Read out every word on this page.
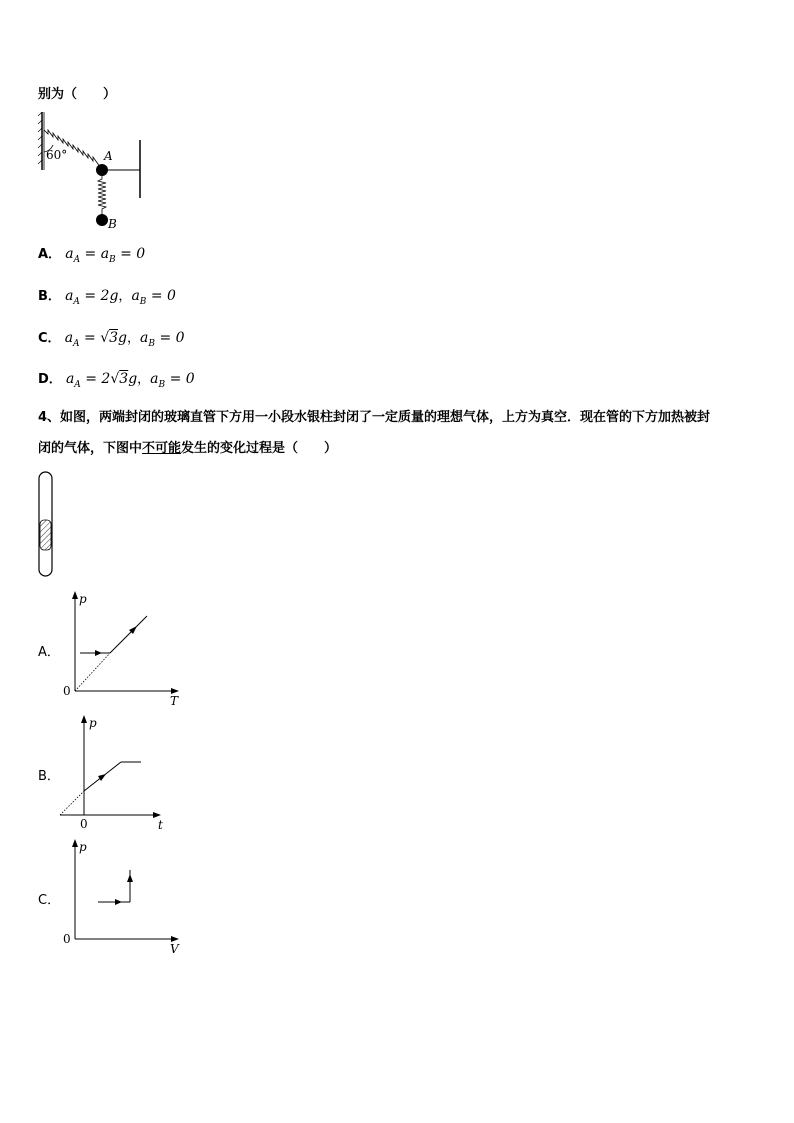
别为（　　）
60°	A
B
A． $a_A = a_B = 0$
B． $a_A = 2g$，$a_B = 0$
C． $a_A = √3g$，$a_B = 0$
D． $a_A = 2√3g$，$a_B = 0$
4、如图，两端封闭的玻璃直管下方用一小段水银柱封闭了一定质量的理想气体，上方为真空．现在管的下方加热被封
闭的气体，下图中不可能发生的变化过程是（　　）
A．
p
T
0
B．
p
t
0
C．
p
V
0
